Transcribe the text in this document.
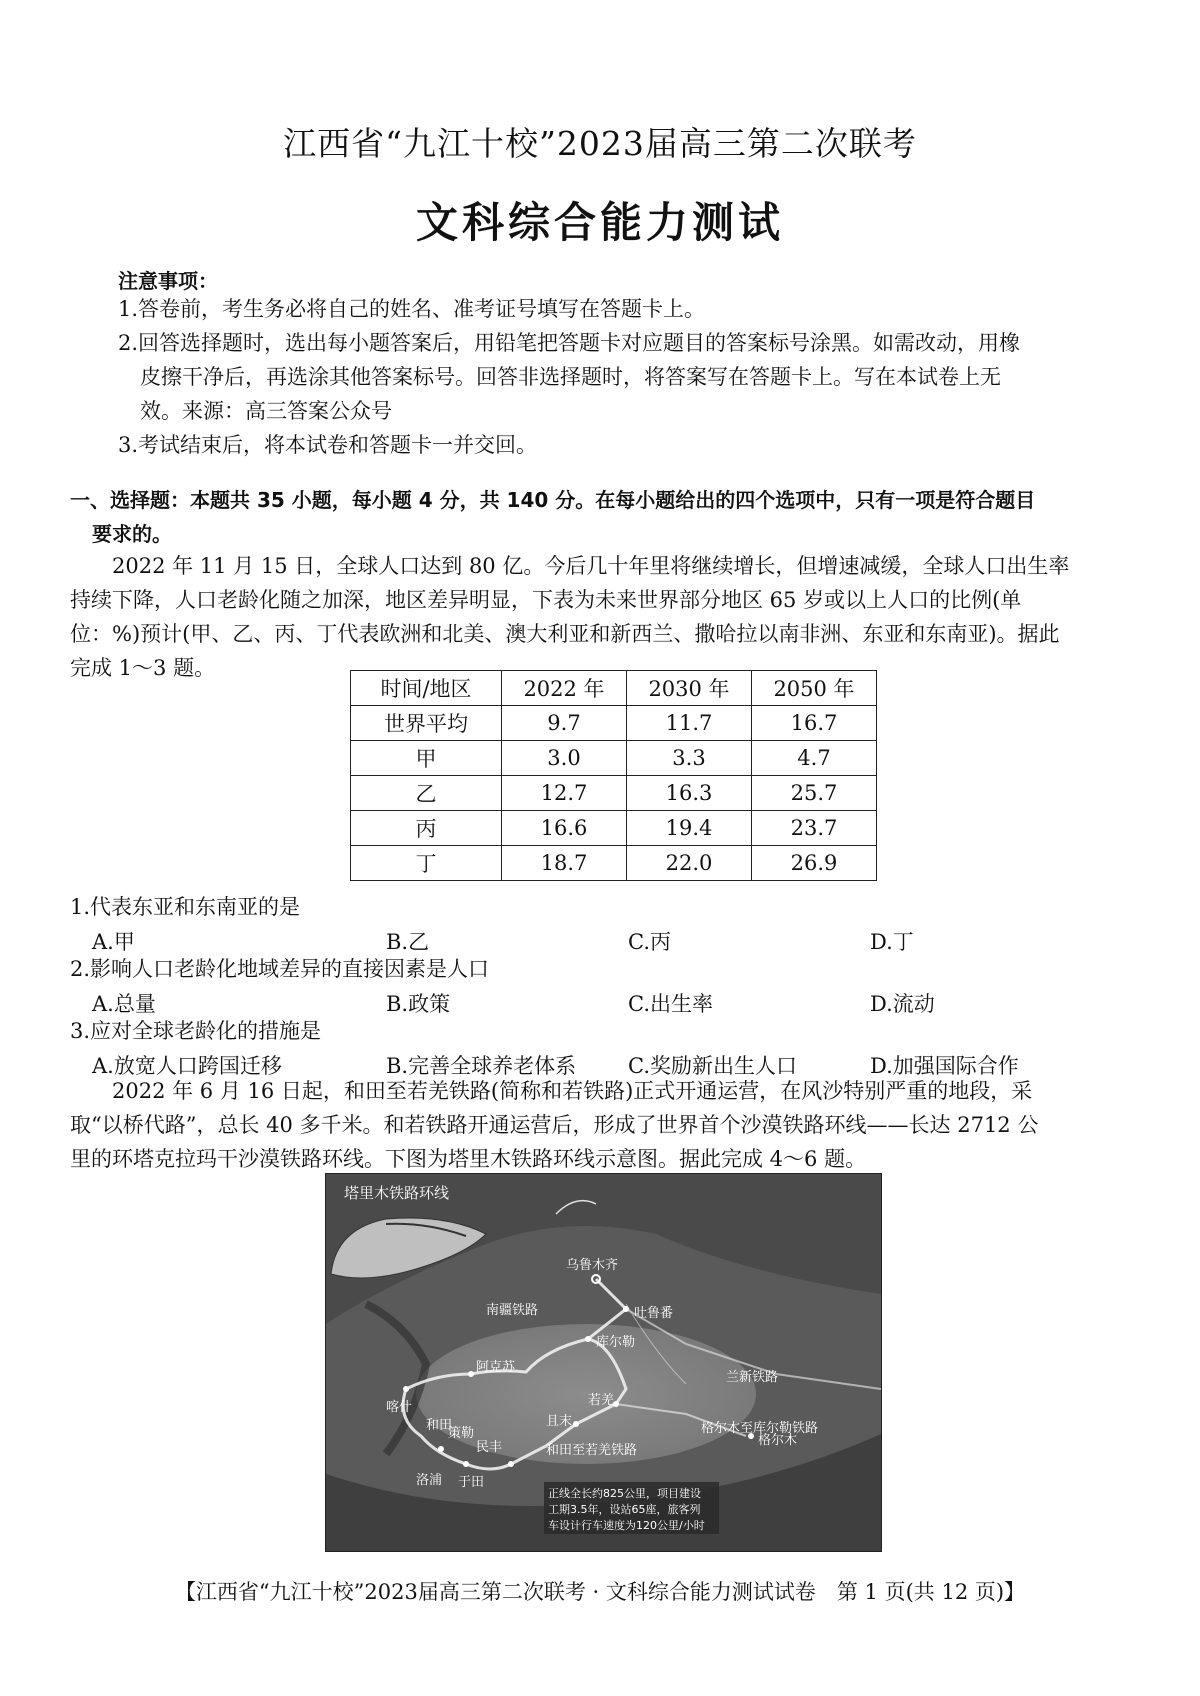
江西省“九江十校”2023届高三第二次联考
文科综合能力测试
注意事项：
1.答卷前，考生务必将自己的姓名、准考证号填写在答题卡上。
2.回答选择题时，选出每小题答案后，用铅笔把答题卡对应题目的答案标号涂黑。如需改动，用橡
皮擦干净后，再选涂其他答案标号。回答非选择题时，将答案写在答题卡上。写在本试卷上无
效。来源：高三答案公众号
3.考试结束后，将本试卷和答题卡一并交回。
一、选择题：本题共 35 小题，每小题 4 分，共 140 分。在每小题给出的四个选项中，只有一项是符合题目
要求的。
2022 年 11 月 15 日，全球人口达到 80 亿。今后几十年里将继续增长，但增速减缓，全球人口出生率
持续下降，人口老龄化随之加深，地区差异明显，下表为未来世界部分地区 65 岁或以上人口的比例(单
位：%)预计(甲、乙、丙、丁代表欧洲和北美、澳大利亚和新西兰、撒哈拉以南非洲、东亚和东南亚)。据此
完成 1～3 题。
时间/地区	2022 年	2030 年	2050 年
世界平均	9.7	11.7	16.7
甲	3.0	3.3	4.7
乙	12.7	16.3	25.7
丙	16.6	19.4	23.7
丁	18.7	22.0	26.9
1.代表东亚和东南亚的是
A.甲	B.乙	C.丙	D.丁
2.影响人口老龄化地域差异的直接因素是人口
A.总量	B.政策	C.出生率	D.流动
3.应对全球老龄化的措施是
A.放宽人口跨国迁移	B.完善全球养老体系 C.奖励新出生人口	D.加强国际合作
2022 年 6 月 16 日起，和田至若羌铁路(简称和若铁路)正式开通运营，在风沙特别严重的地段，采
取“以桥代路”，总长 40 多千米。和若铁路开通运营后，形成了世界首个沙漠铁路环线——长达 2712 公
里的环塔克拉玛干沙漠铁路环线。下图为塔里木铁路环线示意图。据此完成 4～6 题。
塔里木铁路环线
乌鲁木齐
吐鲁番
南疆铁路
库尔勒
阿克苏
喀什
兰新铁路
若羌
且末
和田
策勒
民丰
格尔木至库尔勒铁路
和田至若羌铁路
洛浦 于田
格尔木
正线全长约825公里，项目建设
工期3.5年，设站65座，旅客列
车设计行车速度为120公里/小时
【江西省“九江十校”2023届高三第二次联考 · 文科综合能力测试试卷　第 1 页(共 12 页)】
